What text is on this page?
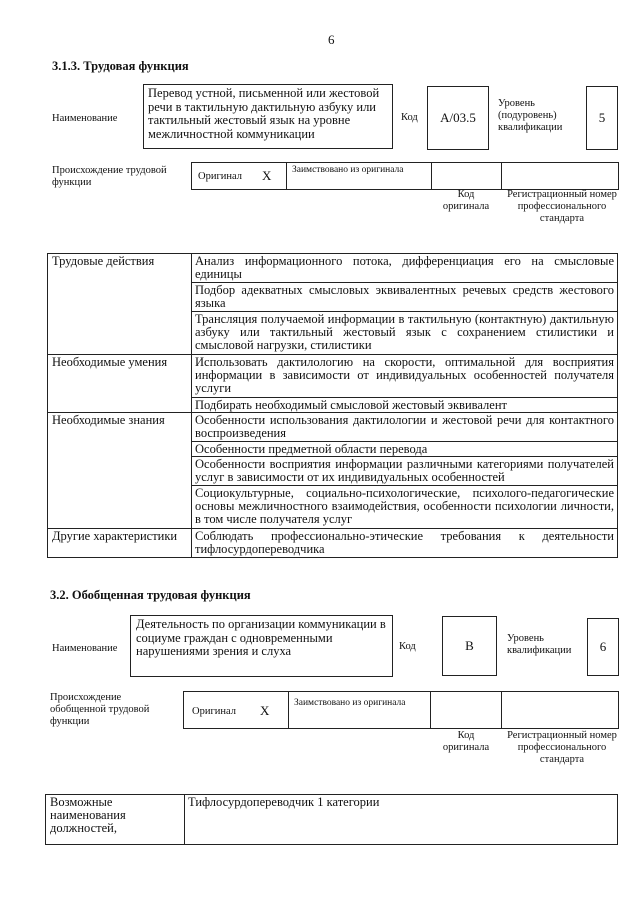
6
3.1.3. Трудовая функция
Наименование
Перевод устной, письменной или жестовой речи в тактильную дактильную азбуку или тактильный жестовый язык на уровне межличностной коммуникации
Код A/03.5
Уровень (подуровень) квалификации
5
Происхождение трудовой функции
Оригинал X Заимствовано из оригинала
Код оригинала
Регистрационный номер профессионального стандарта
Трудовые действия	Анализ информационного потока, дифференциация его на смысловые единицы
	Подбор адекватных смысловых эквивалентных речевых средств жестового языка
	Трансляция получаемой информации в тактильную (контактную) дактильную азбуку или тактильный жестовый язык с сохранением стилистики и смысловой нагрузки, стилистики
Необходимые умения	Использовать дактилологию на скорости, оптимальной для восприятия информации в зависимости от индивидуальных особенностей получателя услуги
	Подбирать необходимый смысловой жестовый эквивалент
Необходимые знания	Особенности использования дактилологии и жестовой речи для контактного воспроизведения
	Особенности предметной области перевода
	Особенности восприятия информации различными категориями получателей услуг в зависимости от их индивидуальных особенностей
	Социокультурные, социально-психологические, психолого-педагогические основы межличностного взаимодействия, особенности психологии личности, в том числе получателя услуг
Другие характеристики	Соблюдать профессионально-этические требования к деятельности тифлосурдопереводчика
3.2. Обобщенная трудовая функция
Наименование
Деятельность по организации коммуникации в социуме граждан с одновременными нарушениями зрения и слуха	Код	B	Уровень квалификации	6
Происхождение обобщенной трудовой функции
Оригинал X	Заимствовано из оригинала
Код оригинала
Регистрационный номер профессионального стандарта
Возможные наименования должностей,	Тифлосурдопереводчик 1 категории
